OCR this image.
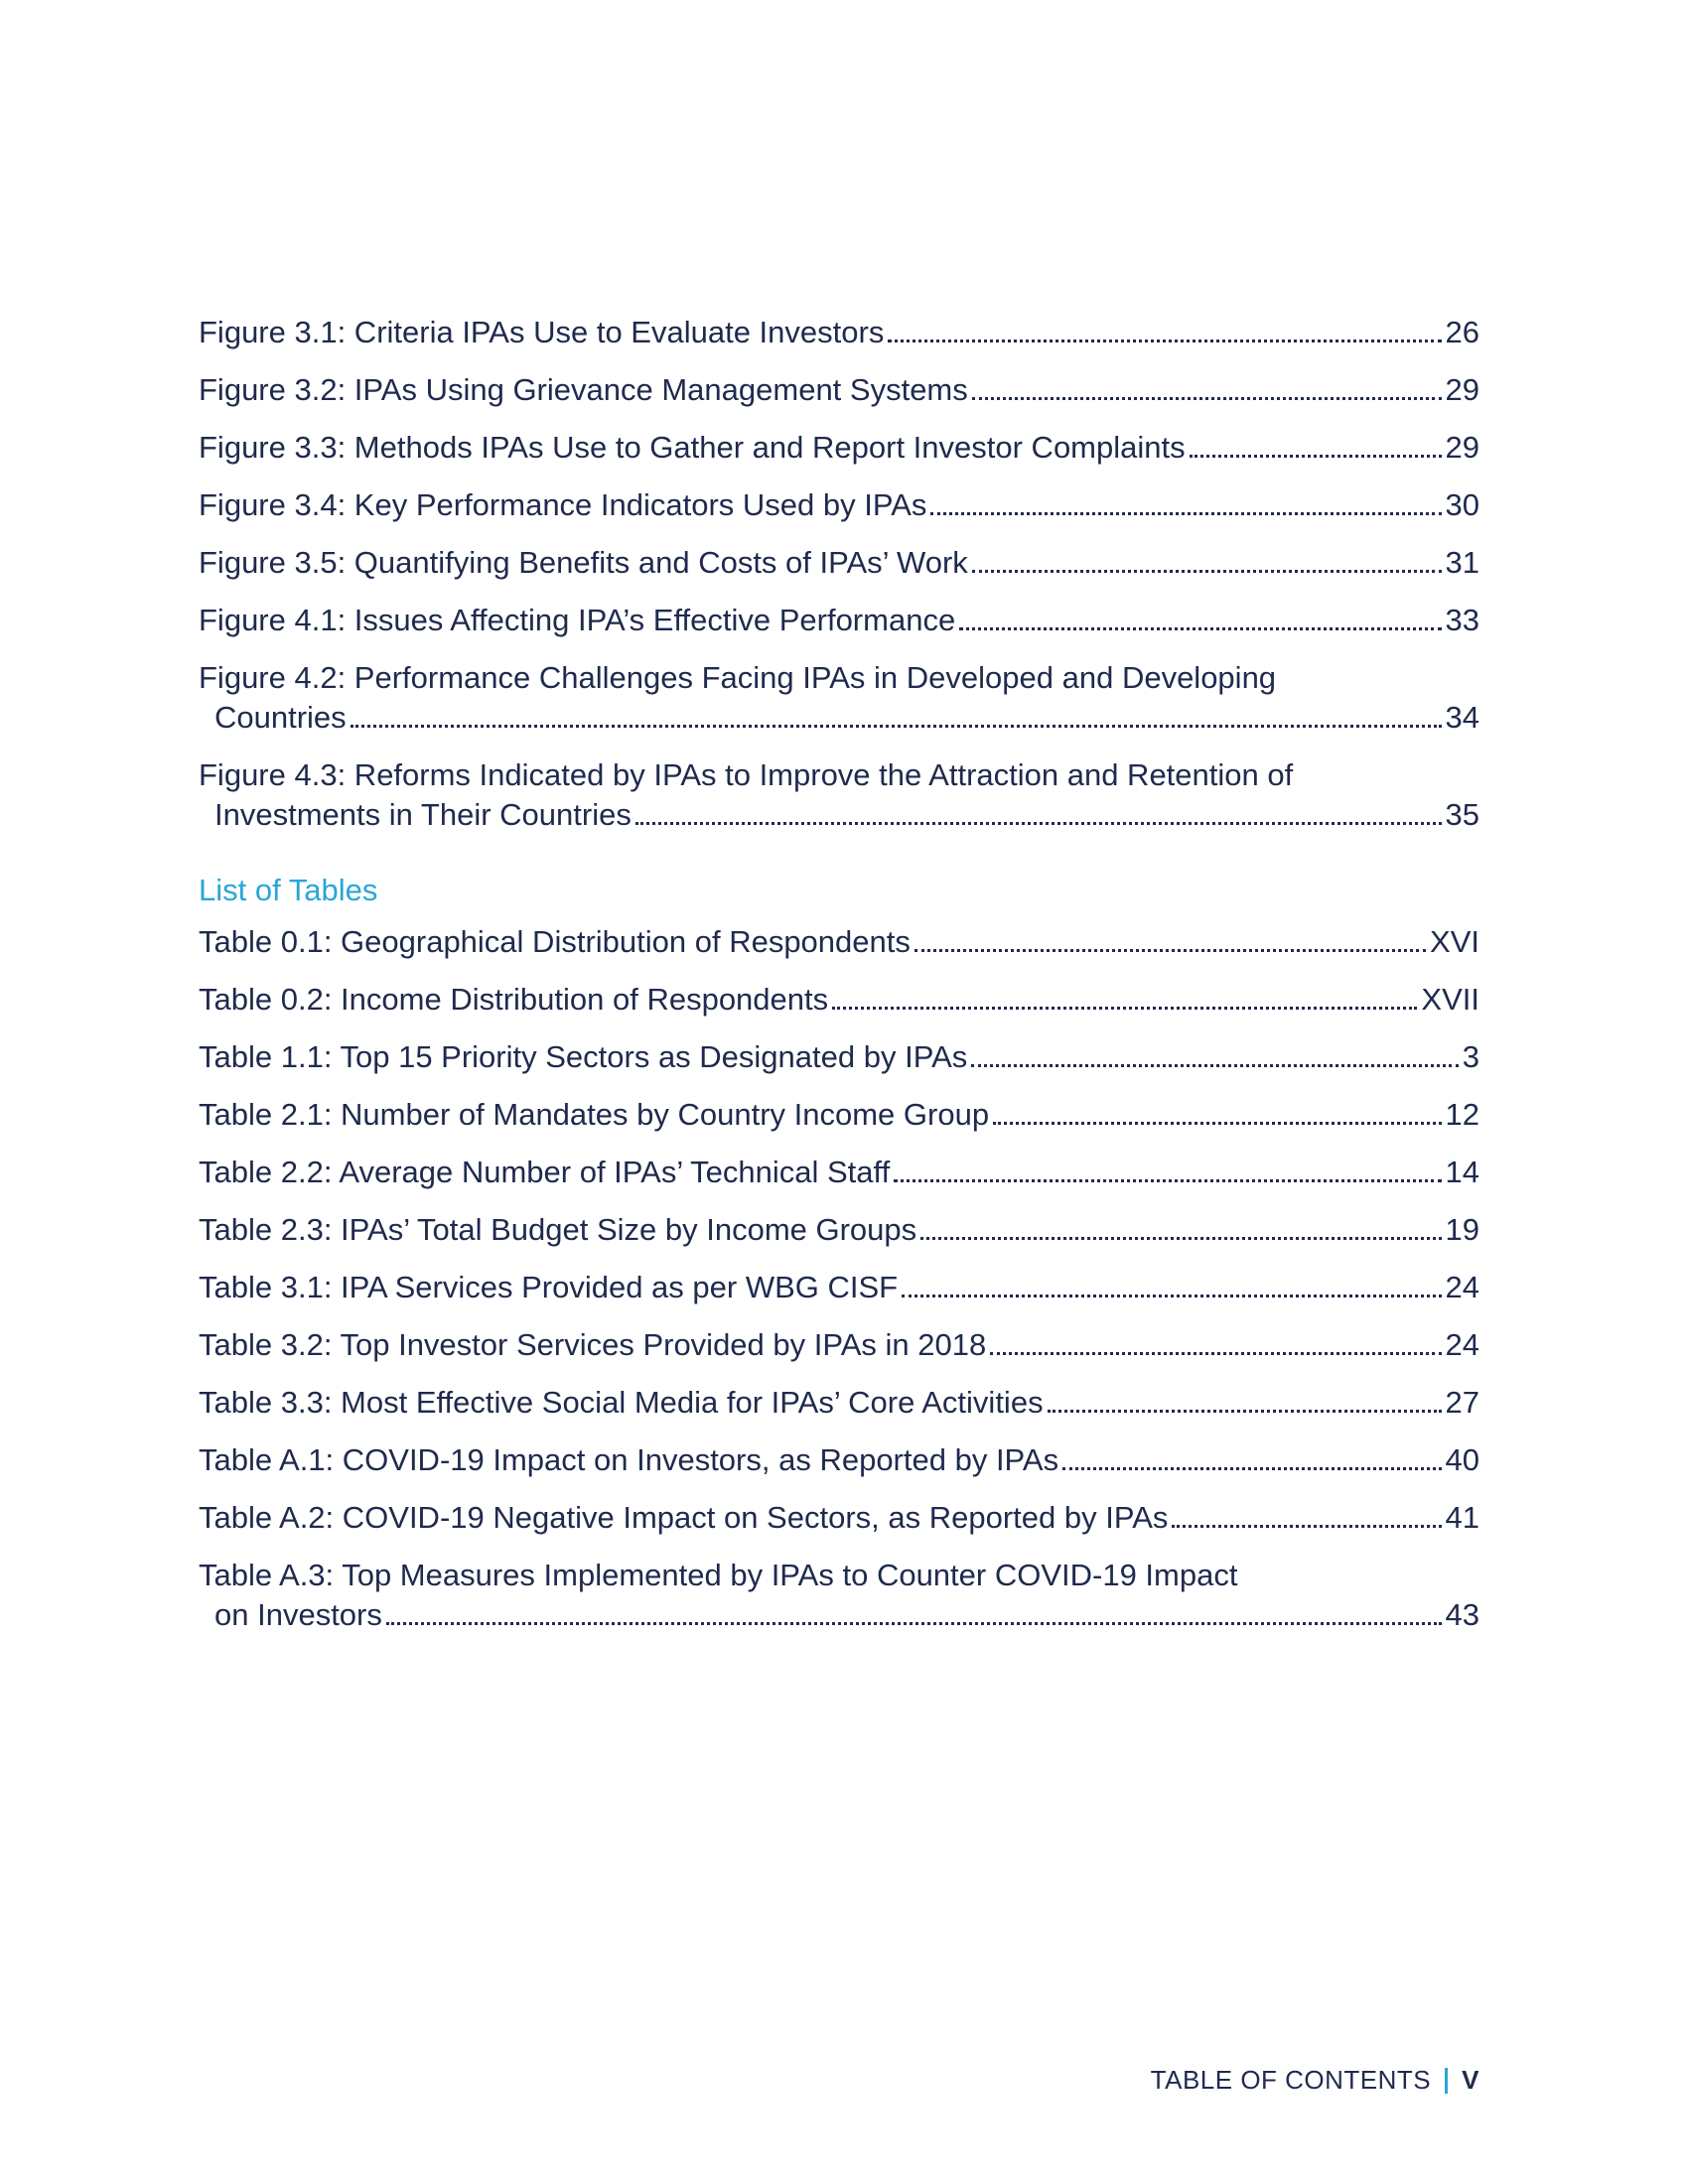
Figure 3.1: Criteria IPAs Use to Evaluate Investors	26
Figure 3.2: IPAs Using Grievance Management Systems	29
Figure 3.3: Methods IPAs Use to Gather and Report Investor Complaints	29
Figure 3.4: Key Performance Indicators Used by IPAs	30
Figure 3.5: Quantifying Benefits and Costs of IPAs’ Work	31
Figure 4.1: Issues Affecting IPA’s Effective Performance	33
Figure 4.2: Performance Challenges Facing IPAs in Developed and Developing
Countries	34
Figure 4.3: Reforms Indicated by IPAs to Improve the Attraction and Retention of
Investments in Their Countries	35
List of Tables
Table 0.1: Geographical Distribution of Respondents	XVI
Table 0.2: Income Distribution of Respondents	XVII
Table 1.1: Top 15 Priority Sectors as Designated by IPAs	3
Table 2.1: Number of Mandates by Country Income Group	12
Table 2.2: Average Number of IPAs’ Technical Staff	14
Table 2.3: IPAs’ Total Budget Size by Income Groups	19
Table 3.1: IPA Services Provided as per WBG CISF	24
Table 3.2: Top Investor Services Provided by IPAs in 2018	24
Table 3.3: Most Effective Social Media for IPAs’ Core Activities	27
Table A.1: COVID-19 Impact on Investors, as Reported by IPAs	40
Table A.2: COVID-19 Negative Impact on Sectors, as Reported by IPAs	41
Table A.3: Top Measures Implemented by IPAs to Counter COVID-19 Impact
on Investors	43
TABLE OF CONTENTS V
